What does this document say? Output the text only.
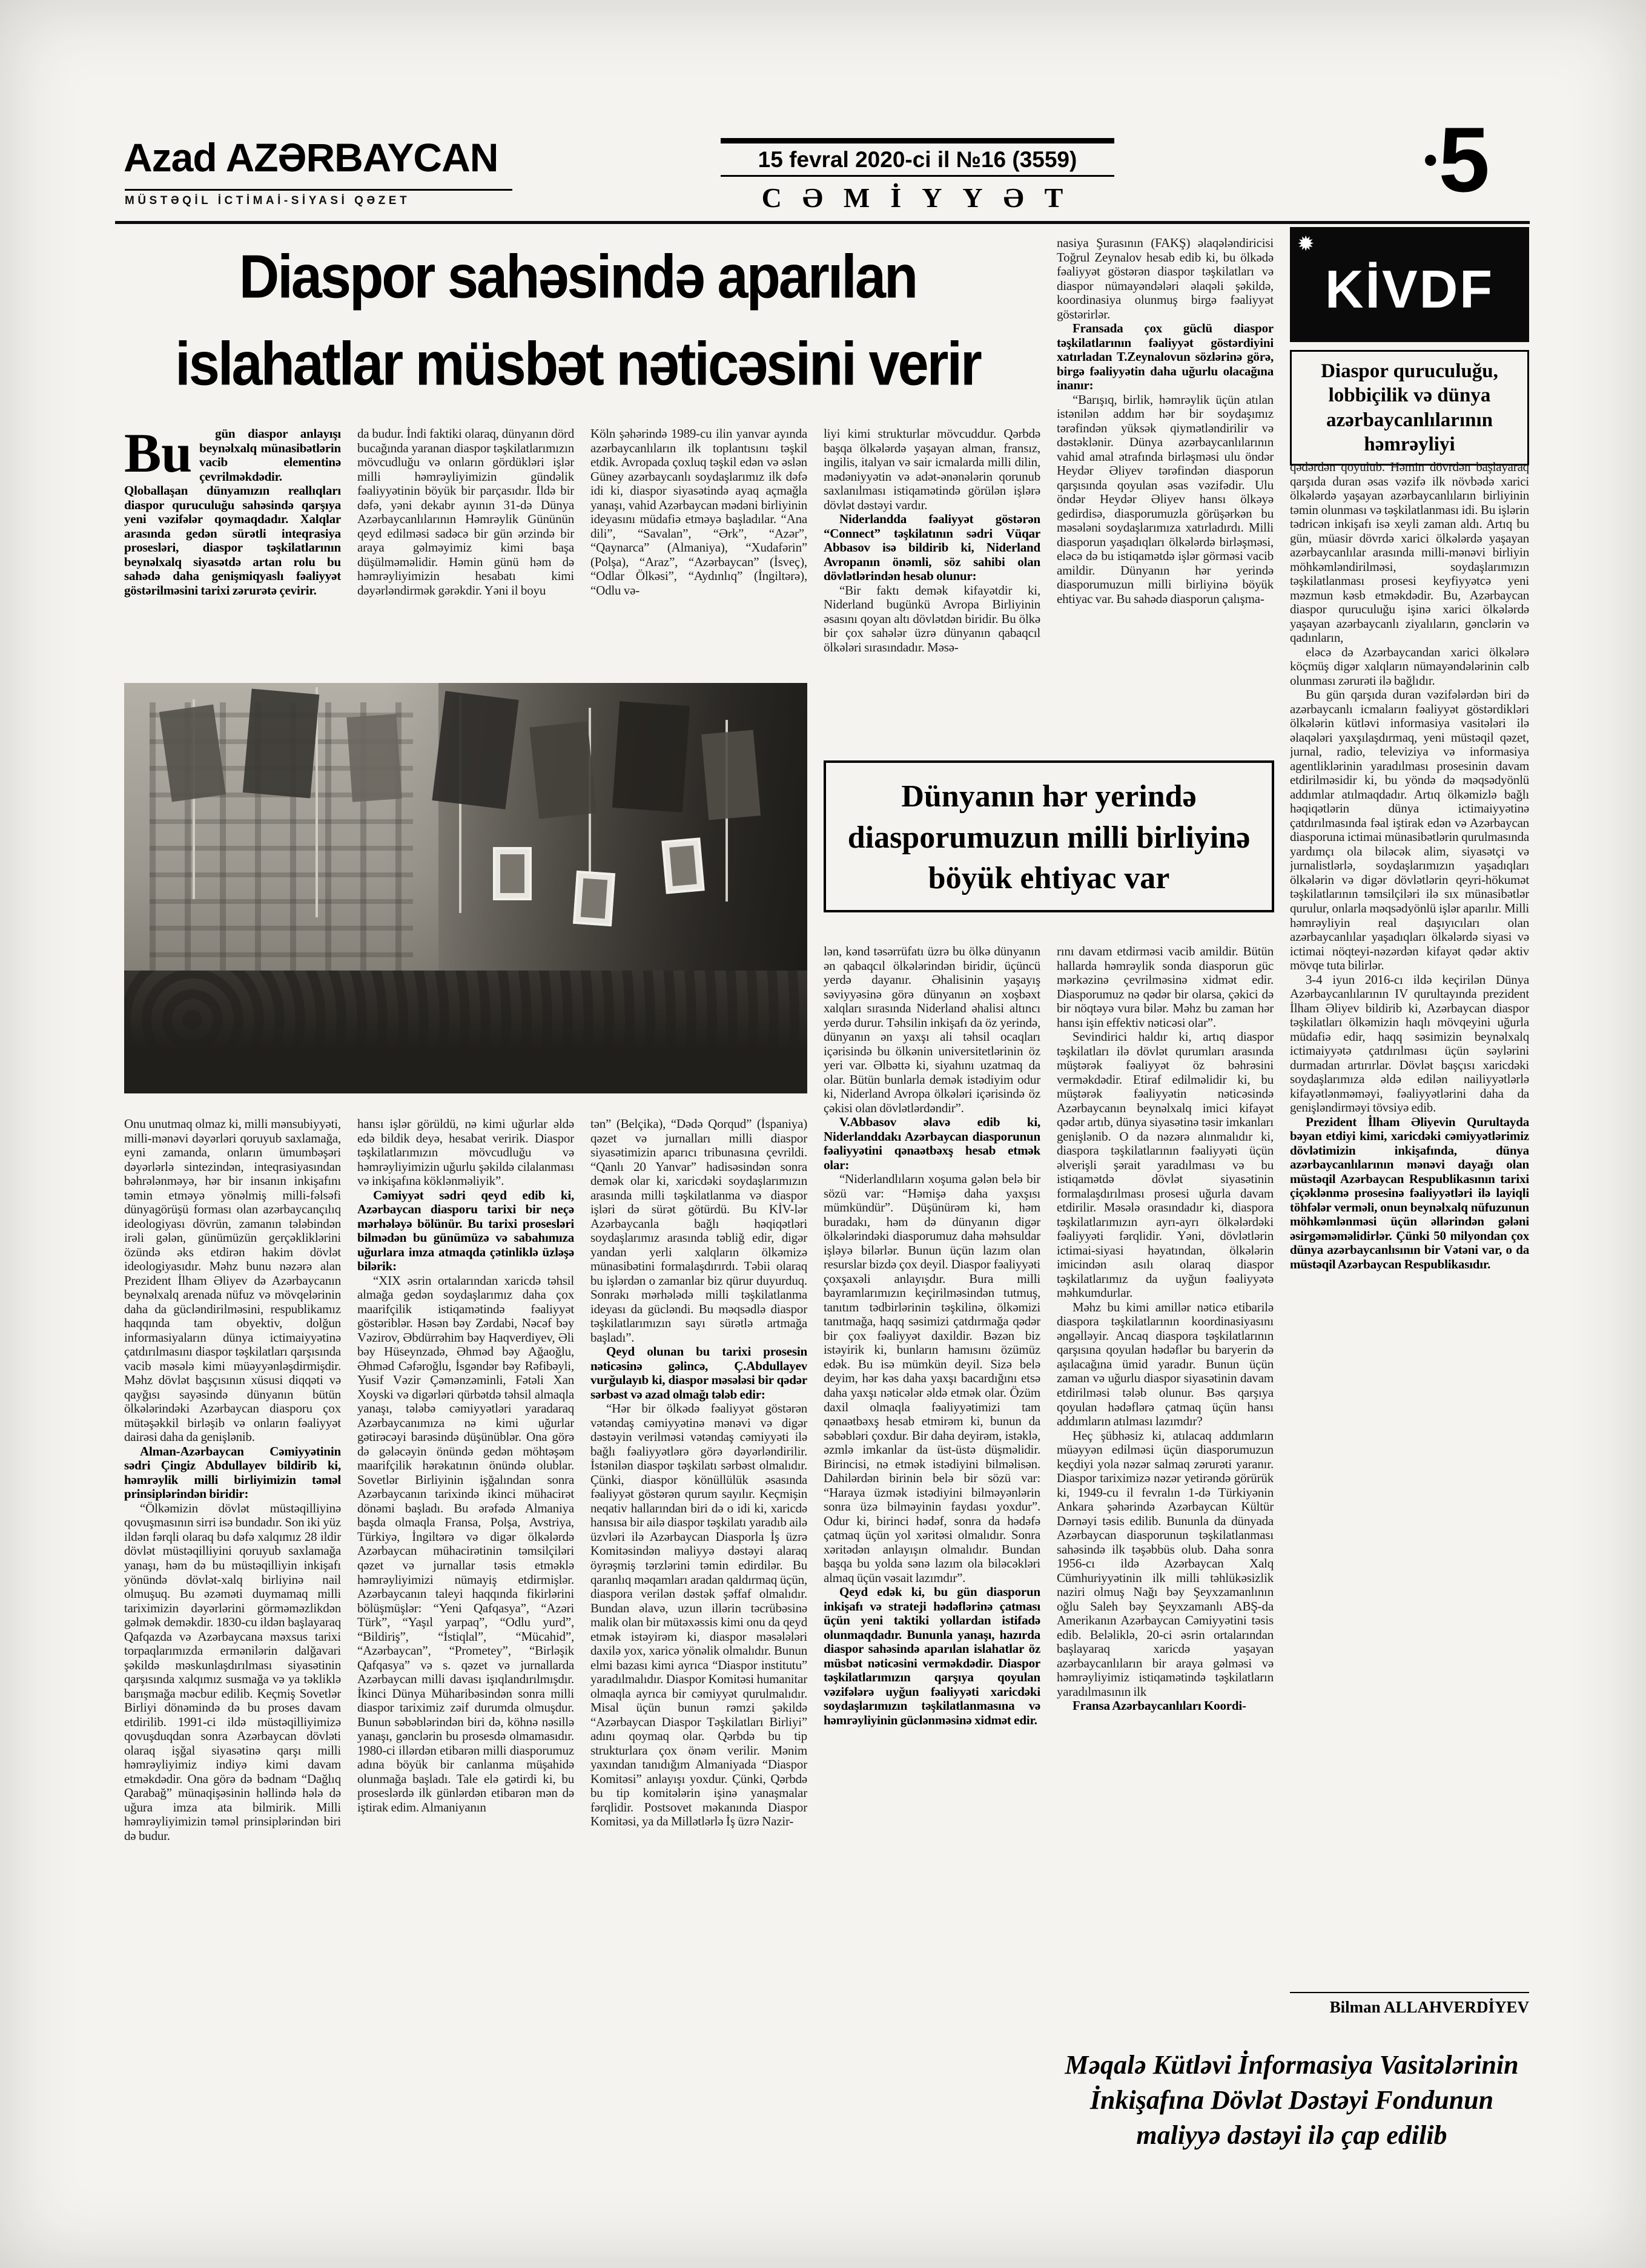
Azad AZƏRBAYCAN
MÜSTƏQİL İCTİMAİ-SİYASİ QƏZET
15 fevral 2020-ci il №16 (3559)
CƏMİYYƏT
• 5
Diaspor sahəsində aparılan
islahatlar müsbət nəticəsini verir
Bu	gün diaspor anlayışı beynəlxalq münasibətlərin vacib elementinə çevrilməkdədir. Qloballaşan dünyamızın reallıqları diaspor quruculuğu sahəsində qarşıya yeni vəzifələr qoymaqdadır. Xalqlar arasında gedən sürətli inteqrasiya prosesləri, diaspor təşkilatlarının beynəlxalq siyasətdə artan rolu bu sahədə daha genişmiqyaslı fəaliyyət göstərilməsini tarixi zərurətə çevirir.

da budur. İndi faktiki olaraq, dünyanın dörd bucağında yaranan diaspor təşkilatlarımızın mövcudluğu və onların gördükləri işlər milli həmrəyliyimizin gündəlik fəaliyyətinin böyük bir parçasıdır. İldə bir dəfə, yəni dekabr ayının 31-də Dünya Azərbaycanlılarının Həmrəylik Gününün qeyd edilməsi sadəcə bir gün ərzində bir araya gəlməyimiz kimi başa düşülməməlidir. Həmin günü həm də həmrəyliyimizin hesabatı kimi dəyərləndirmək gərəkdir. Yəni il boyu

Köln şəhərində 1989-cu ilin yanvar ayında azərbaycanlıların ilk toplantısını təşkil etdik. Avropada çoxluq təşkil edən və əslən Güney azərbaycanlı soydaşlarımız ilk dəfə idi ki, diaspor siyasətində ayaq açmağla yanaşı, vahid Azərbaycan mədəni birliyinin ideyasını müdafiə etməyə başladılar. “Ana dili”, “Savalan”, “Ərk”, “Azər”, “Qaynarca” (Almaniya), “Xudafərin” (Polşa), “Araz”, “Azərbaycan” (İsveç), “Odlar Ölkəsi”, “Aydınlıq” (İngiltərə), “Odlu və-

liyi kimi strukturlar mövcuddur. Qərbdə başqa ölkələrdə yaşayan alman, fransız, ingilis, italyan və sair icmalarda milli dilin, mədəniyyətin və adət-ənənələrin qorunub saxlanılması istiqamətində görülən işlərə dövlət dəstəyi vardır.

Niderlandda fəaliyyət göstərən “Connect” təşkilatının sədri Vüqar Abbasov isə bildirib ki, Niderland Avropanın önəmli, söz sahibi olan dövlətlərindən hesab olunur:

“Bir faktı demək kifayətdir ki, Niderland bugünkü Avropa Birliyinin əsasını qoyan altı dövlətdən biridir. Bu ölkə bir çox sahələr üzrə dünyanın qabaqcıl ölkələri sırasındadır. Məsə-

nasiya Şurasının (FAKŞ) əlaqələndiricisi Toğrul Zeynalov hesab edib ki, bu ölkədə fəaliyyət göstərən diaspor təşkilatları və diaspor nümayəndələri əlaqəli şəkildə, koordinasiya olunmuş birgə fəaliyyət göstərirlər.

Fransada çox güclü diaspor təşkilatlarının fəaliyyət göstərdiyini xatırladan T.Zeynalovun sözlərinə görə, birgə fəaliyyətin daha uğurlu olacağına inanır:

“Barışıq, birlik, həmrəylik üçün atılan istənilən addım hər bir soydaşımız tərəfindən yüksək qiymətləndirilir və dəstəklənir. Dünya azərbaycanlılarının vahid amal ətrafında birləşməsi ulu öndər Heydər Əliyev tərəfindən diasporun qarşısında qoyulan əsas vəzifədir. Ulu öndər Heydər Əliyev hansı ölkəyə gedirdisə, diasporumuzla görüşərkən bu məsələni soydaşlarımıza xatırladırdı. Milli diasporun yaşadıqları ölkələrdə birləşməsi, eləcə də bu istiqamətdə işlər görməsi vacib amildir. Dünyanın hər yerində diasporumuzun milli birliyinə böyük ehtiyac var. Bu sahədə diasporun çalışma-

✹
KİVDF
Diaspor quruculuğu, lobbiçilik və dünya azərbaycanlılarının həmrəyliyi

qədərdən qoyulub. Həmin dövrdən başlayaraq qarşıda duran əsas vəzifə ilk növbədə xarici ölkələrdə yaşayan azərbaycanlıların birliyinin təmin olunması və təşkilatlanması idi. Bu işlərin tədricən inkişafı isə xeyli zaman aldı. Artıq bu gün, müasir dövrdə xarici ölkələrdə yaşayan azərbaycanlılar arasında milli-mənəvi birliyin möhkəmləndirilməsi, soydaşlarımızın təşkilatlanması prosesi keyfiyyətcə yeni məzmun kəsb etməkdədir. Bu, Azərbaycan diaspor quruculuğu işinə xarici ölkələrdə yaşayan azərbaycanlı ziyalıların, gənclərin və qadınların,

eləcə də Azərbaycandan xarici ölkələrə köçmüş digər xalqların nümayəndələrinin cəlb olunması zərurəti ilə bağlıdır.

Bu gün qarşıda duran vəzifələrdən biri də azərbaycanlı icmaların fəaliyyət göstərdikləri ölkələrin kütləvi informasiya vasitələri ilə əlaqələri yaxşılaşdırmaq, yeni müstəqil qəzet, jurnal, radio, televiziya və informasiya agentliklərinin yaradılması prosesinin davam etdirilməsidir ki, bu yöndə də məqsədyönlü addımlar atılmaqdadır. Artıq ölkəmizlə bağlı həqiqətlərin dünya ictimaiyyətinə çatdırılmasında fəal iştirak edən və Azərbaycan diasporuna ictimai münasibətlərin qurulmasında yardımçı ola biləcək alim, siyasətçi və jurnalistlərlə, soydaşlarımızın yaşadıqları ölkələrin və digər dövlətlərin qeyri-hökumət təşkilatlarının təmsilçiləri ilə sıx münasibətlər qurulur, onlarla məqsədyönlü işlər aparılır. Milli həmrəyliyin real daşıyıcıları olan azərbaycanlılar yaşadıqları ölkələrdə siyasi və ictimai nöqteyi-nəzərdən kifayət qədər aktiv mövqe tuta bilirlər.

3-4 iyun 2016-cı ildə keçirilən Dünya Azərbaycanlılarının IV qurultayında prezident İlham Əliyev bildirib ki, Azərbaycan diaspor təşkilatları ölkəmizin haqlı mövqeyini uğurla müdafiə edir, haqq səsimizin beynəlxalq ictimaiyyətə çatdırılması üçün səylərini durmadan artırırlar. Dövlət başçısı xaricdəki soydaşlarımıza əldə edilən nailiyyətlərlə kifayətlənməməyi, fəaliyyətlərini daha da genişləndirməyi tövsiyə edib.

Prezident İlham Əliyevin Qurultayda bəyan etdiyi kimi, xaricdəki cəmiyyətlərimiz dövlətimizin inkişafında, dünya azərbaycanlılarının mənəvi dayağı olan müstəqil Azərbaycan Respublikasının tarixi çiçəklənmə prosesinə fəaliyyətləri ilə layiqli töhfələr verməli, onun beynəlxalq nüfuzunun möhkəmlənməsi üçün əllərindən gələni əsirgəməməlidirlər. Çünki 50 milyondan çox dünya azərbaycanlısının bir Vətəni var, o da müstəqil Azərbaycan Respublikasıdır.

Dünyanın hər yerində
diasporumuzun milli birliyinə
böyük ehtiyac var

Onu unutmaq olmaz ki, milli mənsubiyyəti, milli-mənəvi dəyərləri qoruyub saxlamağa, eyni zamanda, onların ümumbəşəri dəyərlərlə sintezindən, inteqrasiyasından bəhrələnməyə, hər bir insanın inkişafını təmin etməyə yönəlmiş milli-fəlsəfi dünyagörüşü forması olan azərbaycançılıq ideologiyası dövrün, zamanın tələbindən irəli gələn, günümüzün gerçəkliklərini özündə əks etdirən hakim dövlət ideologiyasıdır. Məhz bunu nəzərə alan Prezident İlham Əliyev də Azərbaycanın beynəlxalq arenada nüfuz və mövqelərinin daha da gücləndirilməsini, respublikamız haqqında tam obyektiv, dolğun informasiyaların dünya ictimaiyyətinə çatdırılmasını diaspor təşkilatları qarşısında vacib məsələ kimi müəyyənləşdirmişdir. Məhz dövlət başçısının xüsusi diqqəti və qayğısı sayəsində dünyanın bütün ölkələrindəki Azərbaycan diasporu çox mütəşəkkil birləşib və onların fəaliyyət dairəsi daha da genişlənib.

Alman-Azərbaycan Cəmiyyətinin sədri Çingiz Abdullayev bildirib ki, həmrəylik milli birliyimizin təməl prinsiplərindən biridir:

“Ölkəmizin dövlət müstəqilliyinə qovuşmasının sirri isə bundadır. Son iki yüz ildən fərqli olaraq bu dəfə xalqımız 28 ildir dövlət müstəqilliyini qoruyub saxlamağa yanaşı, həm də bu müstəqilliyin inkişafı yönündə dövlət-xalq birliyinə nail olmuşuq. Bu əzəməti duymamaq milli tariximizin dəyərlərini görməməzlikdən gəlmək deməkdir. 1830-cu ildən başlayaraq Qafqazda və Azərbaycana məxsus tarixi torpaqlarımızda ermənilərin dalğavari şəkildə məskunlaşdırılması siyasətinin qarşısında xalqımız susmağa və ya təkliklə barışmağa məcbur edilib. Keçmiş Sovetlər Birliyi dönəmində də bu proses davam etdirilib. 1991-ci ildə müstəqilliyimizə qovuşduqdan sonra Azərbaycan dövləti olaraq işğal siyasətinə qarşı milli həmrəyliyimiz indiyə kimi davam etməkdədir. Ona görə də bədnam “Dağlıq Qarabağ” münaqişəsinin həllində hələ də uğura imza ata bilmirik. Milli həmrəyliyimizin təməl prinsiplərindən biri də budur.

hansı işlər görüldü, nə kimi uğurlar əldə edə bildik deyə, hesabat veririk. Diaspor təşkilatlarımızın mövcudluğu və həmrəyliyimizin uğurlu şəkildə cilalanması və inkişafına köklənməliyik”.

Cəmiyyət sədri qeyd edib ki, Azərbaycan diasporu tarixi bir neçə mərhələyə bölünür. Bu tarixi prosesləri bilmədən bu günümüzə və sabahımıza uğurlara imza atmaqda çətinliklə üzləşə bilərik:

“XIX əsrin ortalarından xaricdə təhsil almağa gedən soydaşlarımız daha çox maarifçilik istiqamətində fəaliyyət göstəriblər. Həsən bəy Zərdabi, Nəcəf bəy Vəzirov, Əbdürrəhim bəy Haqverdiyev, Əli bəy Hüseynzadə, Əhməd bəy Ağaoğlu, Əhməd Cəfəroğlu, İsgəndər bəy Rəfibəyli, Yusif Vəzir Çəmənzəminli, Fətəli Xan Xoyski və digərləri qürbətdə təhsil almaqla yanaşı, tələbə cəmiyyətləri yaradaraq Azərbaycanımıza nə kimi uğurlar gətirəcəyi barəsində düşünüblər. Ona görə də gələcəyin önündə gedən möhtəşəm maarifçilik hərəkatının önündə olublar. Sovetlər Birliyinin işğalından sonra Azərbaycanın tarixində ikinci mühacirət dönəmi başladı. Bu ərəfədə Almaniya başda olmaqla Fransa, Polşa, Avstriya, Türkiyə, İngiltərə və digər ölkələrdə Azərbaycan mühacirətinin təmsilçiləri qəzet və jurnallar təsis etməklə həmrəyliyimizi nümayiş etdirmişlər. Azərbaycanın taleyi haqqında fikirlərini bölüşmüşlər: “Yeni Qafqasya”, “Azəri Türk”, “Yaşıl yarpaq”, “Odlu yurd”, “Bildiriş”, “İstiqlal”, “Mücahid”, “Azərbaycan”, “Prometey”, “Birləşik Qafqasya” və s. qəzet və jurnallarda Azərbaycan milli davası işıqlandırılmışdır. İkinci Dünya Müharibəsindən sonra milli diaspor tariximiz zəif durumda olmuşdur. Bunun səbəblərindən biri də, köhnə nəsillə yanaşı, gənclərin bu prosesdə olmamasıdır. 1980-ci illərdən etibarən milli diasporumuz adına böyük bir canlanma müşahidə olunmağa başladı. Tale elə gətirdi ki, bu proseslərdə ilk günlərdən etibarən mən də iştirak edim. Almaniyanın

tən” (Belçika), “Dədə Qorqud” (İspaniya) qəzet və jurnalları milli diaspor siyasətimizin aparıcı tribunasına çevrildi. “Qanlı 20 Yanvar” hadisəsindən sonra demək olar ki, xaricdəki soydaşlarımızın arasında milli təşkilatlanma və diaspor işləri də sürət götürdü. Bu KİV-lər Azərbaycanla bağlı həqiqətləri soydaşlarımız arasında təbliğ edir, digər yandan yerli xalqların ölkəmizə münasibətini formalaşdırırdı. Təbii olaraq bu işlərdən o zamanlar biz qürur duyurduq. Sonrakı mərhələdə milli təşkilatlanma ideyası da gücləndi. Bu məqsədlə diaspor təşkilatlarımızın sayı sürətlə artmağa başladı”.

Qeyd olunan bu tarixi prosesin nəticəsinə gəlincə, Ç.Abdullayev vurğulayıb ki, diaspor məsələsi bir qədər sərbəst və azad olmağı tələb edir:

“Hər bir ölkədə fəaliyyət göstərən vətəndaş cəmiyyətinə mənəvi və digər dəstəyin verilməsi vətəndaş cəmiyyəti ilə bağlı fəaliyyətlərə görə dəyərləndirilir. İstənilən diaspor təşkilatı sərbəst olmalıdır. Çünki, diaspor könüllülük əsasında fəaliyyət göstərən qurum sayılır. Keçmişin neqativ hallarından biri də o idi ki, xaricdə hansısa bir ailə diaspor təşkilatı yaradıb ailə üzvləri ilə Azərbaycan Diasporla İş üzrə Komitəsindən maliyyə dəstəyi alaraq öyrəşmiş tərzlərini təmin edirdilər. Bu qaranlıq məqamları aradan qaldırmaq üçün, diaspora verilən dəstək şəffaf olmalıdır. Bundan əlavə, uzun illərin təcrübəsinə malik olan bir mütəxəssis kimi onu da qeyd etmək istəyirəm ki, diaspor məsələləri daxilə yox, xaricə yönəlik olmalıdır. Bunun elmi bazası kimi ayrıca “Diaspor institutu” yaradılmalıdır. Diaspor Komitəsi humanitar olmaqla ayrıca bir cəmiyyət qurulmalıdır. Misal üçün bunun rəmzi şəkildə “Azərbaycan Diaspor Təşkilatları Birliyi” adını qoymaq olar. Qərbdə bu tip strukturlara çox önəm verilir. Mənim yaxından tanıdığım Almaniyada “Diaspor Komitəsi” anlayışı yoxdur. Çünki, Qərbdə bu tip komitələrin işinə yanaşmalar fərqlidir. Postsovet məkanında Diaspor Komitəsi, ya da Millətlərlə İş üzrə Nazir-

lən, kənd təsərrüfatı üzrə bu ölkə dünyanın ən qabaqcıl ölkələrindən biridir, üçüncü yerdə dayanır. Əhalisinin yaşayış səviyyəsinə görə dünyanın ən xoşbəxt xalqları sırasında Niderland əhalisi altıncı yerdə durur. Təhsilin inkişafı da öz yerində, dünyanın ən yaxşı ali təhsil ocaqları içərisində bu ölkənin universitetlərinin öz yeri var. Əlbəttə ki, siyahını uzatmaq da olar. Bütün bunlarla demək istədiyim odur ki, Niderland Avropa ölkələri içərisində öz çəkisi olan dövlətlərdəndir”.

V.Abbasov əlavə edib ki, Niderlanddakı Azərbaycan diasporunun fəaliyyətini qənaətbəxş hesab etmək olar:

“Niderlandlıların xoşuma gələn belə bir sözü var: “Həmişə daha yaxşısı mümkündür”. Düşünürəm ki, həm buradakı, həm də dünyanın digər ölkələrindəki diasporumuz daha məhsuldar işləyə bilərlər. Bunun üçün lazım olan resurslar bizdə çox deyil. Diaspor fəaliyyəti çoxşaxəli anlayışdır. Bura milli bayramlarımızın keçirilməsindən tutmuş, tanıtım tədbirlərinin təşkilinə, ölkəmizi tanıtmağa, haqq səsimizi çatdırmağa qədər bir çox fəaliyyət daxildir. Bəzən biz istəyirik ki, bunların hamısını özümüz edək. Bu isə mümkün deyil. Sizə belə deyim, hər kəs daha yaxşı bacardığını etsə daha yaxşı nəticələr əldə etmək olar. Özüm daxil olmaqla fəaliyyətimizi tam qənaətbəxş hesab etmirəm ki, bunun da səbəbləri çoxdur. Bir daha deyirəm, istəklə, əzmlə imkanlar da üst-üstə düşməlidir. Birincisi, nə etmək istədiyini bilməlisən. Dahilərdən birinin belə bir sözü var: “Haraya üzmək istədiyini bilməyənlərin sonra üzə bilməyinin faydası yoxdur”. Odur ki, birinci hədəf, sonra da hədəfə çatmaq üçün yol xəritəsi olmalıdır. Sonra xəritədən anlayışın olmalıdır. Bundan başqa bu yolda sənə lazım ola biləcəkləri almaq üçün vəsait lazımdır”.

Qeyd edək ki, bu gün diasporun inkişafı və strateji hədəflərinə çatması üçün yeni taktiki yollardan istifadə olunmaqdadır. Bununla yanaşı, hazırda diaspor sahəsində aparılan islahatlar öz müsbət nəticəsini verməkdədir. Diaspor təşkilatlarımızın qarşıya qoyulan vəzifələrə uyğun fəaliyyəti xaricdəki soydaşlarımızın təşkilatlanmasına və həmrəyliyinin güclənməsinə xidmət edir.

rını davam etdirməsi vacib amildir. Bütün hallarda həmrəylik sonda diasporun güc mərkəzinə çevrilməsinə xidmət edir. Diasporumuz nə qədər bir olarsa, çəkici də bir nöqtəyə vura bilər. Məhz bu zaman hər hansı işin effektiv nəticəsi olar”.

Sevindirici haldır ki, artıq diaspor təşkilatları ilə dövlət qurumları arasında müştərək fəaliyyət öz bəhrəsini verməkdədir. Etiraf edilməlidir ki, bu müştərək fəaliyyətin nəticəsində Azərbaycanın beynəlxalq imici kifayət qədər artıb, dünya siyasətinə təsir imkanları genişlənib. O da nəzərə alınmalıdır ki, diaspora təşkilatlarının fəaliyyəti üçün əlverişli şərait yaradılması və bu istiqamətdə dövlət siyasətinin formalaşdırılması prosesi uğurla davam etdirilir. Məsələ orasındadır ki, diaspora təşkilatlarımızın ayrı-ayrı ölkələrdəki fəaliyyəti fərqlidir. Yəni, dövlətlərin ictimai-siyasi həyatından, ölkələrin imicindən asılı olaraq diaspor təşkilatlarımız da uyğun fəaliyyətə məhkumdurlar.

Məhz bu kimi amillər nəticə etibarilə diaspora təşkilatlarının koordinasiyasını əngəlləyir. Ancaq diaspora təşkilatlarının qarşısına qoyulan hədəflər bu baryerin də aşılacağına ümid yaradır. Bunun üçün zaman və uğurlu diaspor siyasətinin davam etdirilməsi tələb olunur. Bəs qarşıya qoyulan hədəflərə çatmaq üçün hansı addımların atılması lazımdır?

Heç şübhəsiz ki, atılacaq addımların müəyyən edilməsi üçün diasporumuzun keçdiyi yola nəzər salmaq zərurəti yaranır. Diaspor tariximizə nəzər yetirəndə görürük ki, 1949-cu il fevralın 1-də Türkiyənin Ankara şəhərində Azərbaycan Kültür Dərnəyi təsis edilib. Bununla da dünyada Azərbaycan diasporunun təşkilatlanması sahəsində ilk təşəbbüs olub. Daha sonra 1956-cı ildə Azərbaycan Xalq Cümhuriyyətinin ilk milli təhlükəsizlik naziri olmuş Nağı bəy Şeyxzamanlının oğlu Saleh bəy Şeyxzamanlı ABŞ-da Amerikanın Azərbaycan Cəmiyyətini təsis edib. Beləliklə, 20-ci əsrin ortalarından başlayaraq xaricdə yaşayan azərbaycanlıların bir araya gəlməsi və həmrəyliyimiz istiqamətində təşkilatların yaradılmasının ilk

Fransa Azərbaycanlıları Koordi-

Bilman ALLAHVERDİYEV
Məqalə Kütləvi İnformasiya Vasitələrinin
İnkişafına Dövlət Dəstəyi Fondunun
maliyyə dəstəyi ilə çap edilib
